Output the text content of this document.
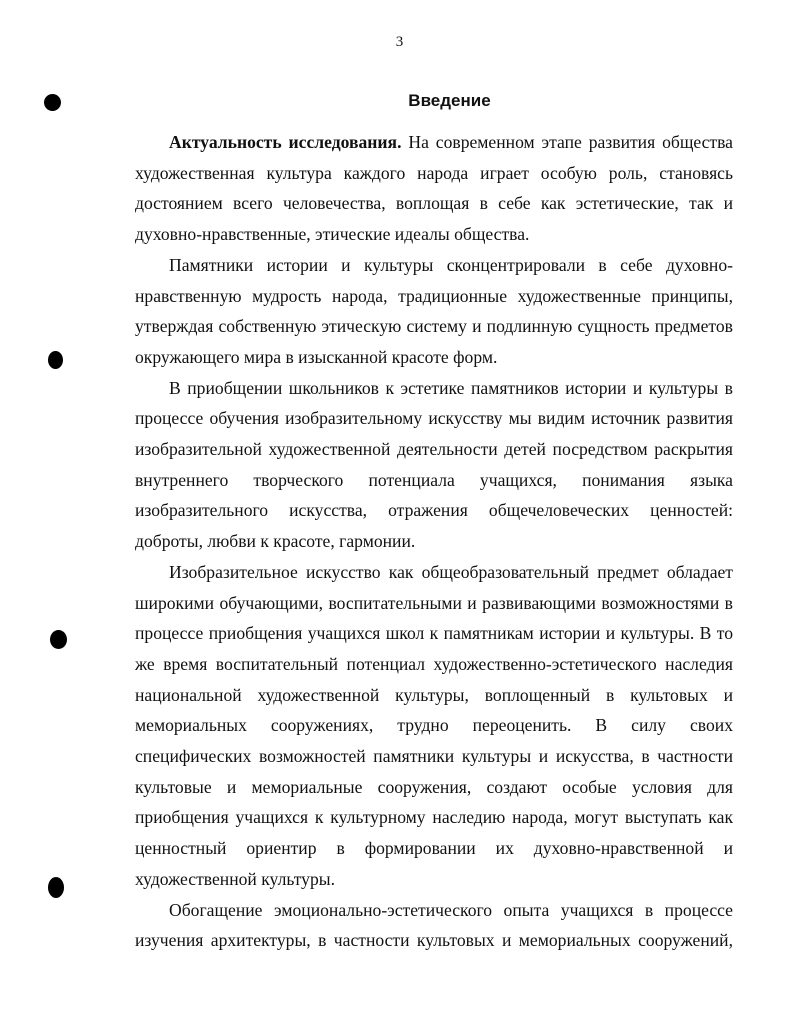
3
Введение

Актуальность исследования. На современном этапе развития общества художественная культура каждого народа играет особую роль, становясь достоянием всего человечества, воплощая в себе как эстетические, так и духовно-нравственные, этические идеалы общества.

Памятники истории и культуры сконцентрировали в себе духовно-нравственную мудрость народа, традиционные художественные принципы, утверждая собственную этическую систему и подлинную сущность предметов окружающего мира в изысканной красоте форм.

В приобщении школьников к эстетике памятников истории и культуры в процессе обучения изобразительному искусству мы видим источник развития изобразительной художественной деятельности детей посредством раскрытия внутреннего творческого потенциала учащихся, понимания языка изобразительного искусства, отражения общечеловеческих ценностей: доброты, любви к красоте, гармонии.

Изобразительное искусство как общеобразовательный предмет обладает широкими обучающими, воспитательными и развивающими возможностями в процессе приобщения учащихся школ к памятникам истории и культуры. В то же время воспитательный потенциал художественно-эстетического наследия национальной художественной культуры, воплощенный в культовых и мемориальных сооружениях, трудно переоценить. В силу своих специфических возможностей памятники культуры и искусства, в частности культовые и мемориальные сооружения, создают особые условия для приобщения учащихся к культурному наследию народа, могут выступать как ценностный ориентир в формировании их духовно-нравственной и художественной культуры.

Обогащение эмоционально-эстетического опыта учащихся в процессе изучения архитектуры, в частности культовых и мемориальных сооружений,
